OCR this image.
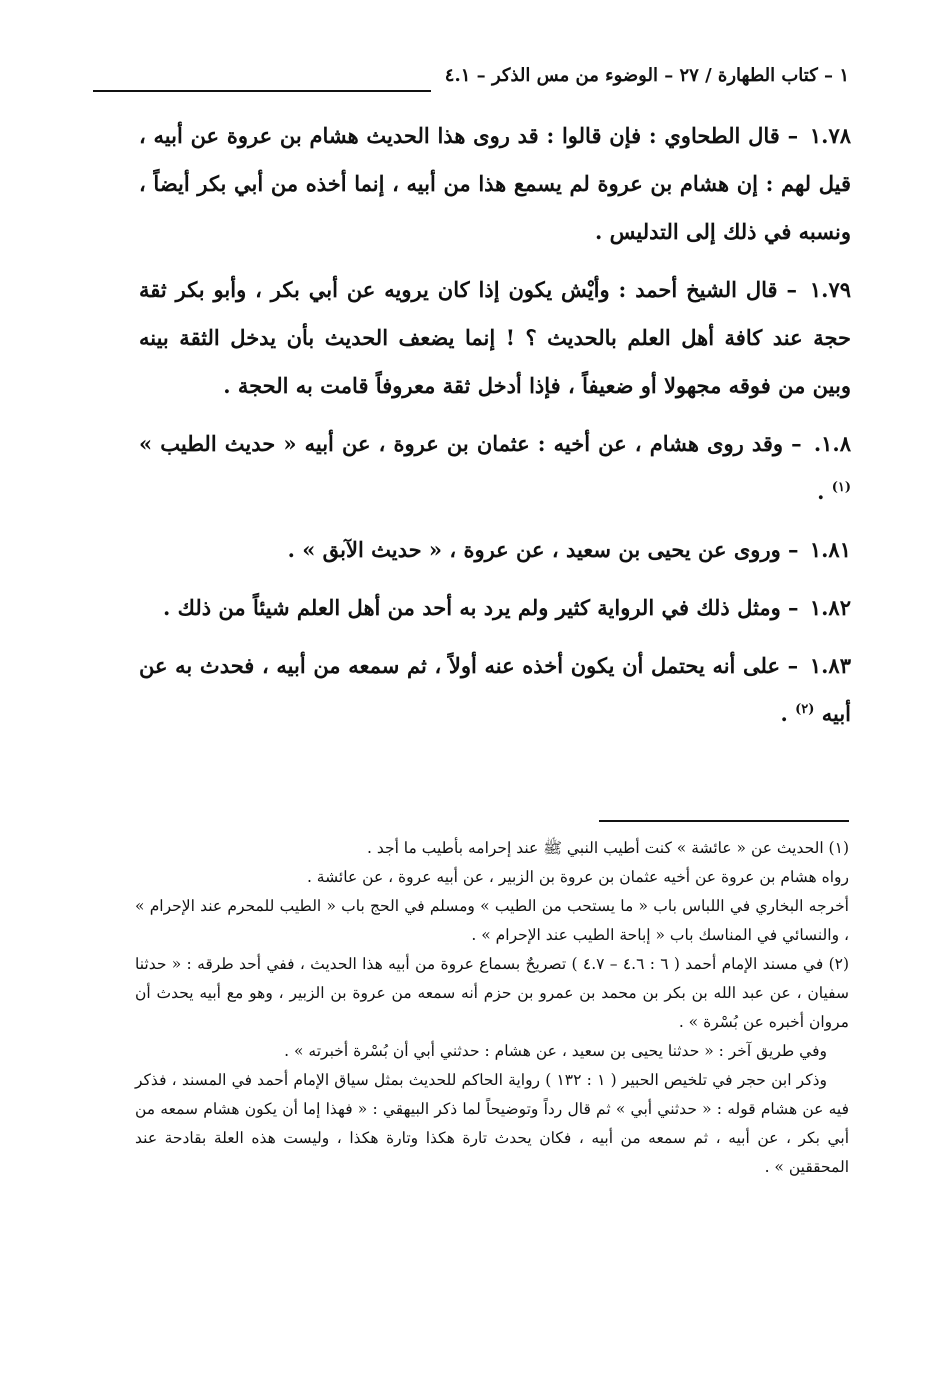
١ – كتاب الطهارة / ٢٧ – الوضوء من مس الذكر – ٤.١

١.٧٨ – قال الطحاوي : فإن قالوا : قد روى هذا الحديث هشام بن عروة عن أبيه ، قيل لهم : إن هشام بن عروة لم يسمع هذا من أبيه ، إنما أخذه من أبي بكر أيضاً ، ونسبه في ذلك إلى التدليس .

١.٧٩ – قال الشيخ أحمد : وأيْش يكون إذا كان يرويه عن أبي بكر ، وأبو بكر ثقة حجة عند كافة أهل العلم بالحديث ؟ ! إنما يضعف الحديث بأن يدخل الثقة بينه وبين من فوقه مجهولا أو ضعيفاً ، فإذا أدخل ثقة معروفاً قامت به الحجة .

١.٨. – وقد روى هشام ، عن أخيه : عثمان بن عروة ، عن أبيه « حديث الطيب » $^{(١)}$ .

١.٨١ – وروى عن يحيى بن سعيد ، عن عروة ، « حديث الآبق » .

١.٨٢ – ومثل ذلك في الرواية كثير ولم يرد به أحد من أهل العلم شيئاً من ذلك .

١.٨٣ – على أنه يحتمل أن يكون أخذه عنه أولاً ، ثم سمعه من أبيه ، فحدث به عن أبيه $^{(٢)}$ .

(١) الحديث عن « عائشة » كنت أطيب النبي ﷺ عند إحرامه بأطيب ما أجد .

رواه هشام بن عروة عن أخيه عثمان بن عروة بن الزبير ، عن أبيه عروة ، عن عائشة .

أخرجه البخاري في اللباس باب « ما يستحب من الطيب » ومسلم في الحج باب « الطيب للمحرم عند الإحرام » ، والنسائي في المناسك باب « إباحة الطيب عند الإحرام » .

(٢) في مسند الإمام أحمد ( ٦ : ٤.٦ – ٤.٧ ) تصريحٌ بسماع عروة من أبيه هذا الحديث ، ففي أحد طرقه : « حدثنا سفيان ، عن عبد الله بن بكر بن محمد بن عمرو بن حزم أنه سمعه من عروة بن الزبير ، وهو مع أبيه يحدث أن مروان أخبره عن بُسْرة » .

وفي طريق آخر : « حدثنا يحيى بن سعيد ، عن هشام : حدثني أبي أن بُسْرة أخبرته » .

وذكر ابن حجر في تلخيص الحبير ( ١ : ١٣٢ ) رواية الحاكم للحديث بمثل سياق الإمام أحمد في المسند ، فذكر فيه عن هشام قوله : « حدثني أبي » ثم قال رداً وتوضيحاً لما ذكر البيهقي : « فهذا إما أن يكون هشام سمعه من أبي بكر ، عن أبيه ، ثم سمعه من أبيه ، فكان يحدث تارة هكذا وتارة هكذا ، وليست هذه العلة بقادحة عند المحققين » .
